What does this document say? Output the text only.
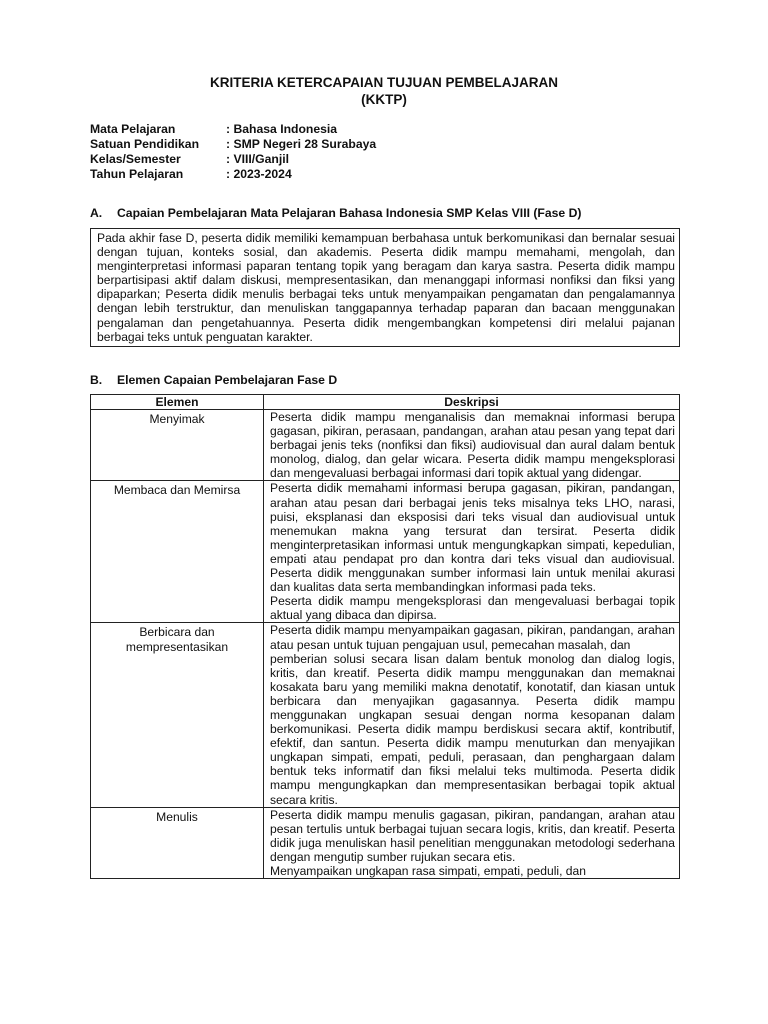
KRITERIA KETERCAPAIAN TUJUAN PEMBELAJARAN
(KKTP)
Mata Pelajaran	: Bahasa Indonesia
Satuan Pendidikan	: SMP Negeri 28 Surabaya
Kelas/Semester	: VIII/Ganjil
Tahun Pelajaran	: 2023-2024
A. Capaian Pembelajaran Mata Pelajaran Bahasa Indonesia SMP Kelas VIII (Fase D)
Pada akhir fase D, peserta didik memiliki kemampuan berbahasa untuk berkomunikasi dan bernalar sesuai dengan tujuan, konteks sosial, dan akademis. Peserta didik mampu memahami, mengolah, dan menginterpretasi informasi paparan tentang topik yang beragam dan karya sastra. Peserta didik mampu berpartisipasi aktif dalam diskusi, mempresentasikan, dan menanggapi informasi nonfiksi dan fiksi yang dipaparkan; Peserta didik menulis berbagai teks untuk menyampaikan pengamatan dan pengalamannya dengan lebih terstruktur, dan menuliskan tanggapannya terhadap paparan dan bacaan menggunakan pengalaman dan pengetahuannya. Peserta didik mengembangkan kompetensi diri melalui pajanan berbagai teks untuk penguatan karakter.
B. Elemen Capaian Pembelajaran Fase D
Elemen	Deskripsi
Menyimak	Peserta didik mampu menganalisis dan memaknai informasi berupa gagasan, pikiran, perasaan, pandangan, arahan atau pesan yang tepat dari berbagai jenis teks (nonfiksi dan fiksi) audiovisual dan aural dalam bentuk monolog, dialog, dan gelar wicara. Peserta didik mampu mengeksplorasi dan mengevaluasi berbagai informasi dari topik aktual yang didengar.

Membaca dan Memirsa	Peserta didik memahami informasi berupa gagasan, pikiran, pandangan, arahan atau pesan dari berbagai jenis teks misalnya teks LHO, narasi, puisi, eksplanasi dan eksposisi dari teks visual dan audiovisual untuk menemukan makna yang tersurat dan tersirat. Peserta didik menginterpretasikan informasi untuk mengungkapkan simpati, kepedulian, empati atau pendapat pro dan kontra dari teks visual dan audiovisual. Peserta didik menggunakan sumber informasi lain untuk menilai akurasi dan kualitas data serta membandingkan informasi pada teks.

Peserta didik mampu mengeksplorasi dan mengevaluasi berbagai topik aktual yang dibaca dan dipirsa.

Berbicara dan mempresentasikan	Peserta didik mampu menyampaikan gagasan, pikiran, pandangan, arahan atau pesan untuk tujuan pengajuan usul, pemecahan masalah, dan

pemberian solusi secara lisan dalam bentuk monolog dan dialog logis, kritis, dan kreatif. Peserta didik mampu menggunakan dan memaknai kosakata baru yang memiliki makna denotatif, konotatif, dan kiasan untuk berbicara dan menyajikan gagasannya. Peserta didik mampu menggunakan ungkapan sesuai dengan norma kesopanan dalam berkomunikasi. Peserta didik mampu berdiskusi secara aktif, kontributif, efektif, dan santun. Peserta didik mampu menuturkan dan menyajikan ungkapan simpati, empati, peduli, perasaan, dan penghargaan dalam bentuk teks informatif dan fiksi melalui teks multimoda. Peserta didik mampu mengungkapkan dan mempresentasikan berbagai topik aktual secara kritis.

Menulis	Peserta didik mampu menulis gagasan, pikiran, pandangan, arahan atau pesan tertulis untuk berbagai tujuan secara logis, kritis, dan kreatif. Peserta didik juga menuliskan hasil penelitian menggunakan metodologi sederhana dengan mengutip sumber rujukan secara etis.

Menyampaikan ungkapan rasa simpati, empati, peduli, dan
